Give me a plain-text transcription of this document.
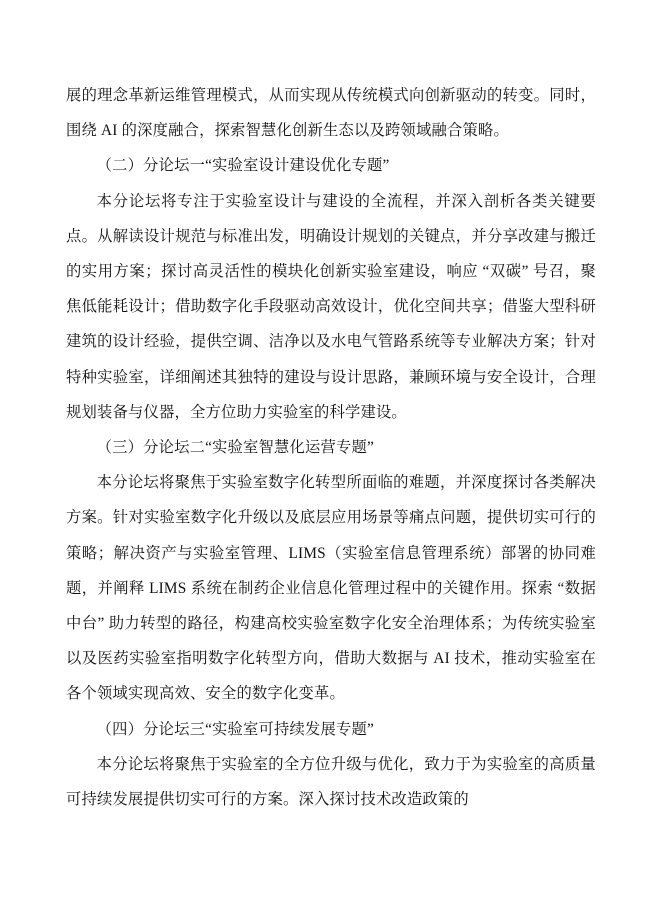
展的理念革新运维管理模式，从而实现从传统模式向创新驱动的转变。同时，围绕 AI 的深度融合，探索智慧化创新生态以及跨领域融合策略。

（二）分论坛一“实验室设计建设优化专题”

本分论坛将专注于实验室设计与建设的全流程，并深入剖析各类关键要点。从解读设计规范与标准出发，明确设计规划的关键点，并分享改建与搬迁的实用方案；探讨高灵活性的模块化创新实验室建设，响应 “双碳” 号召，聚焦低能耗设计；借助数字化手段驱动高效设计，优化空间共享；借鉴大型科研建筑的设计经验，提供空调、洁净以及水电气管路系统等专业解决方案；针对特种实验室，详细阐述其独特的建设与设计思路，兼顾环境与安全设计，合理规划装备与仪器，全方位助力实验室的科学建设。

（三）分论坛二“实验室智慧化运营专题”

本分论坛将聚焦于实验室数字化转型所面临的难题，并深度探讨各类解决方案。针对实验室数字化升级以及底层应用场景等痛点问题，提供切实可行的策略；解决资产与实验室管理、LIMS（实验室信息管理系统）部署的协同难题，并阐释 LIMS 系统在制药企业信息化管理过程中的关键作用。探索 “数据中台” 助力转型的路径，构建高校实验室数字化安全治理体系；为传统实验室以及医药实验室指明数字化转型方向，借助大数据与 AI 技术，推动实验室在各个领域实现高效、安全的数字化变革。

（四）分论坛三“实验室可持续发展专题”

本分论坛将聚焦于实验室的全方位升级与优化，致力于为实验室的高质量可持续发展提供切实可行的方案。深入探讨技术改造政策的
